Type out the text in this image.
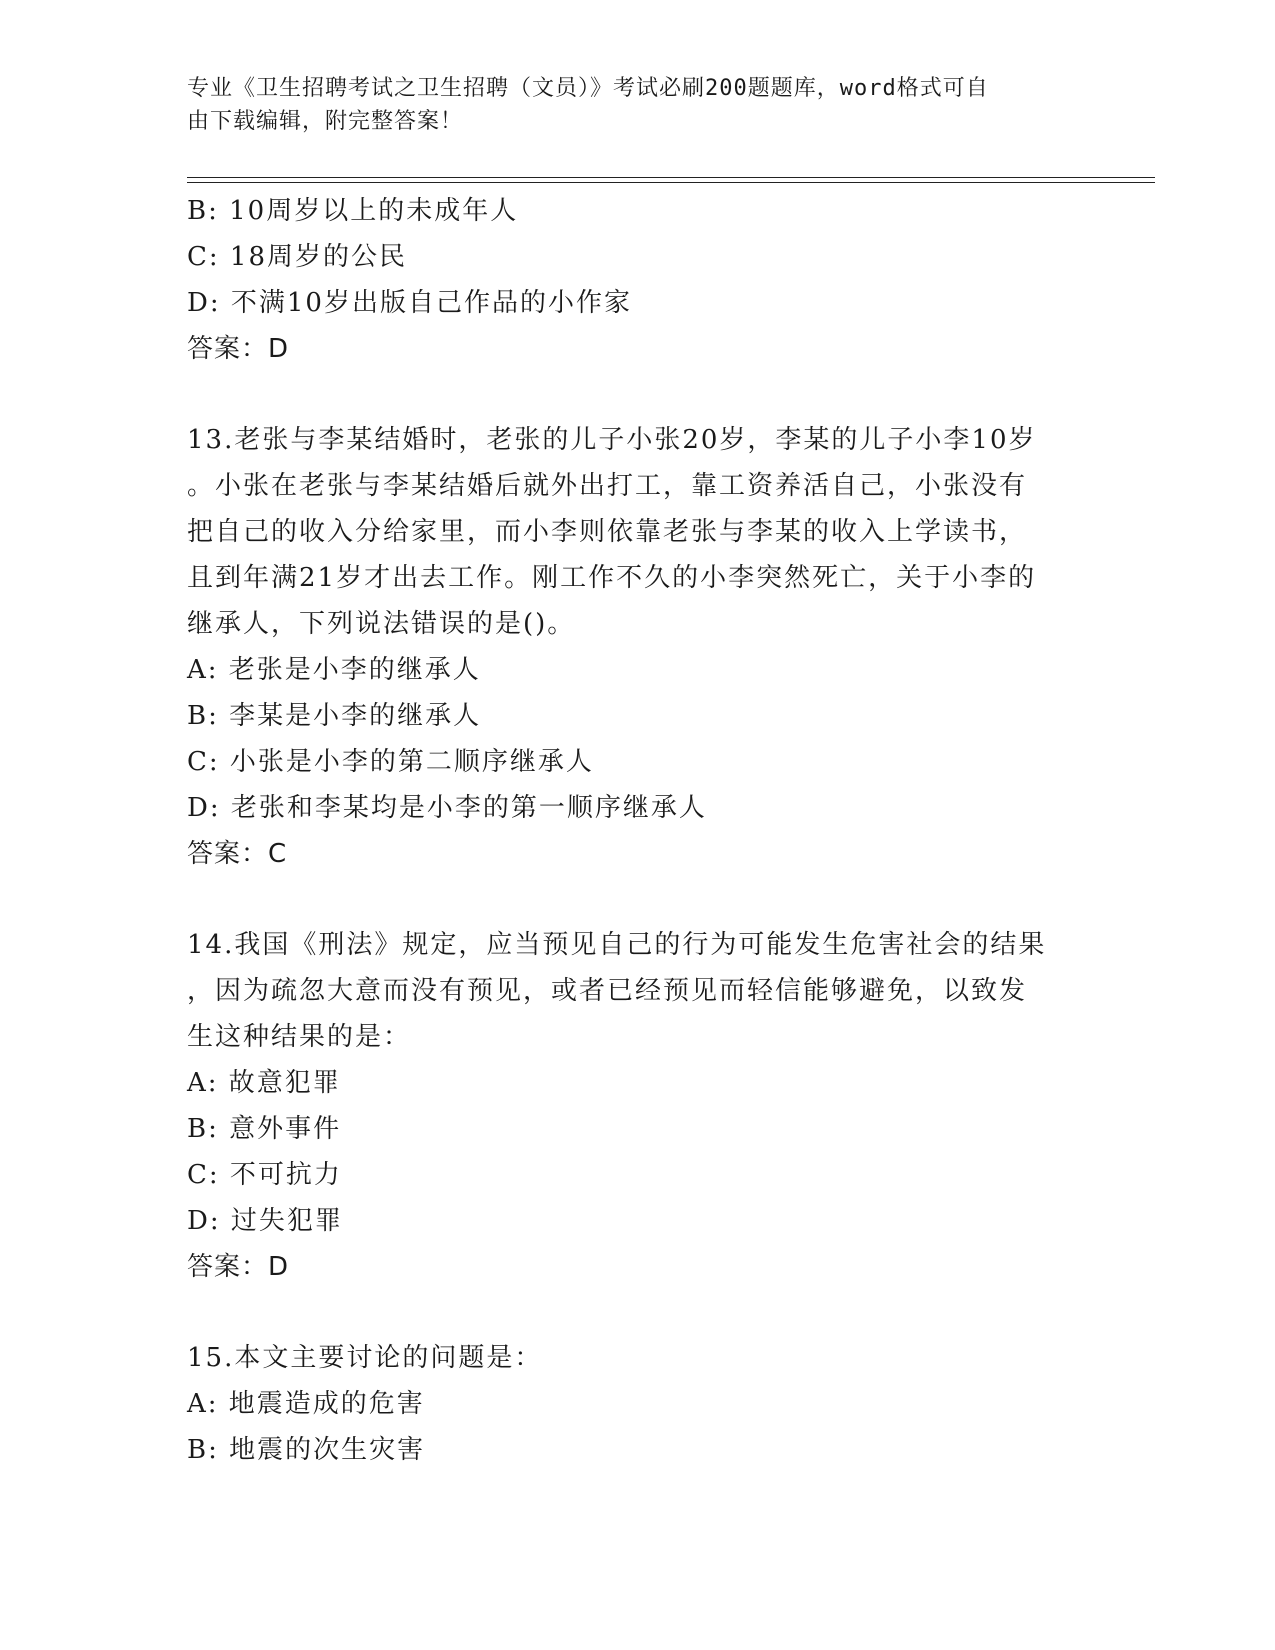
专业《卫生招聘考试之卫生招聘（文员）》考试必刷200题题库，word格式可自
由下载编辑，附完整答案！
B: 10周岁以上的未成年人
C: 18周岁的公民
D: 不满10岁出版自己作品的小作家
答案：D
13.老张与李某结婚时，老张的儿子小张20岁，李某的儿子小李10岁
。小张在老张与李某结婚后就外出打工，靠工资养活自己，小张没有
把自己的收入分给家里，而小李则依靠老张与李某的收入上学读书，
且到年满21岁才出去工作。刚工作不久的小李突然死亡，关于小李的
继承人，下列说法错误的是()。
A: 老张是小李的继承人
B: 李某是小李的继承人
C: 小张是小李的第二顺序继承人
D: 老张和李某均是小李的第一顺序继承人
答案：C
14.我国《刑法》规定，应当预见自己的行为可能发生危害社会的结果
，因为疏忽大意而没有预见，或者已经预见而轻信能够避免，以致发
生这种结果的是：
A: 故意犯罪
B: 意外事件
C: 不可抗力
D: 过失犯罪
答案：D
15.本文主要讨论的问题是：
A: 地震造成的危害
B: 地震的次生灾害
